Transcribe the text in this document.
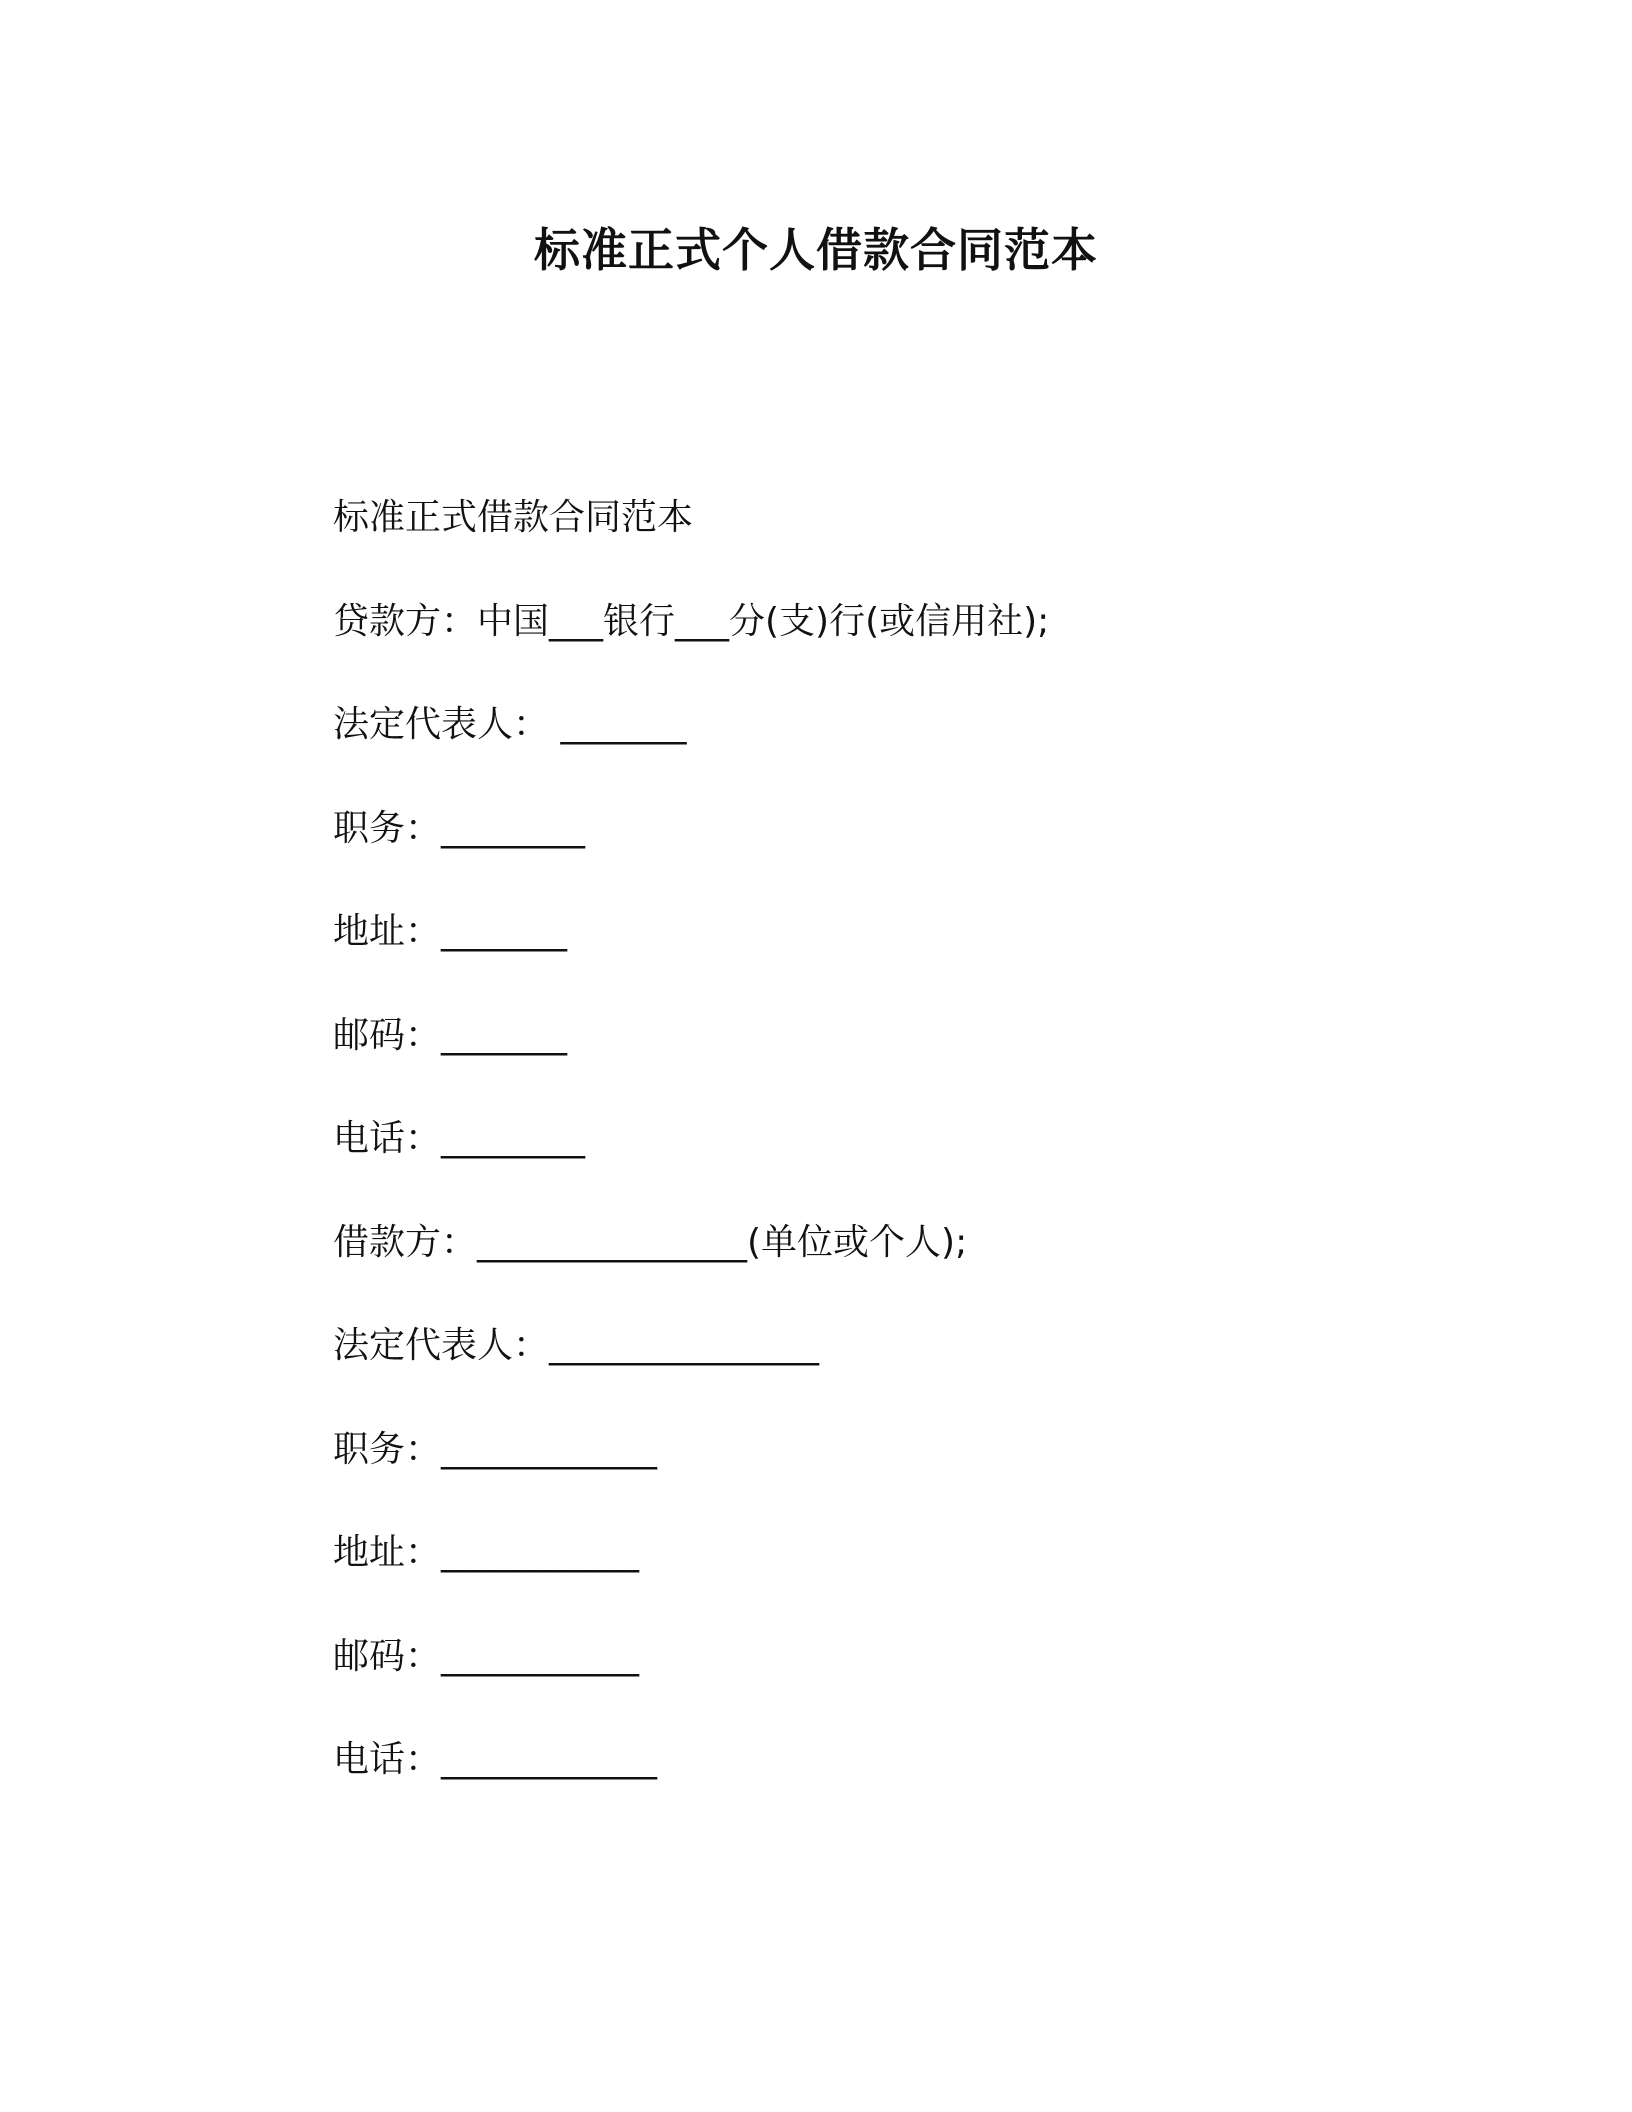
标准正式个人借款合同范本

标准正式借款合同范本

贷款方：中国___银行___分(支)行(或信用社);

法定代表人： _______

职务：________

地址：_______

邮码：_______

电话：________

借款方：_______________(单位或个人);

法定代表人：_______________

职务：____________

地址：___________

邮码：___________

电话：____________
